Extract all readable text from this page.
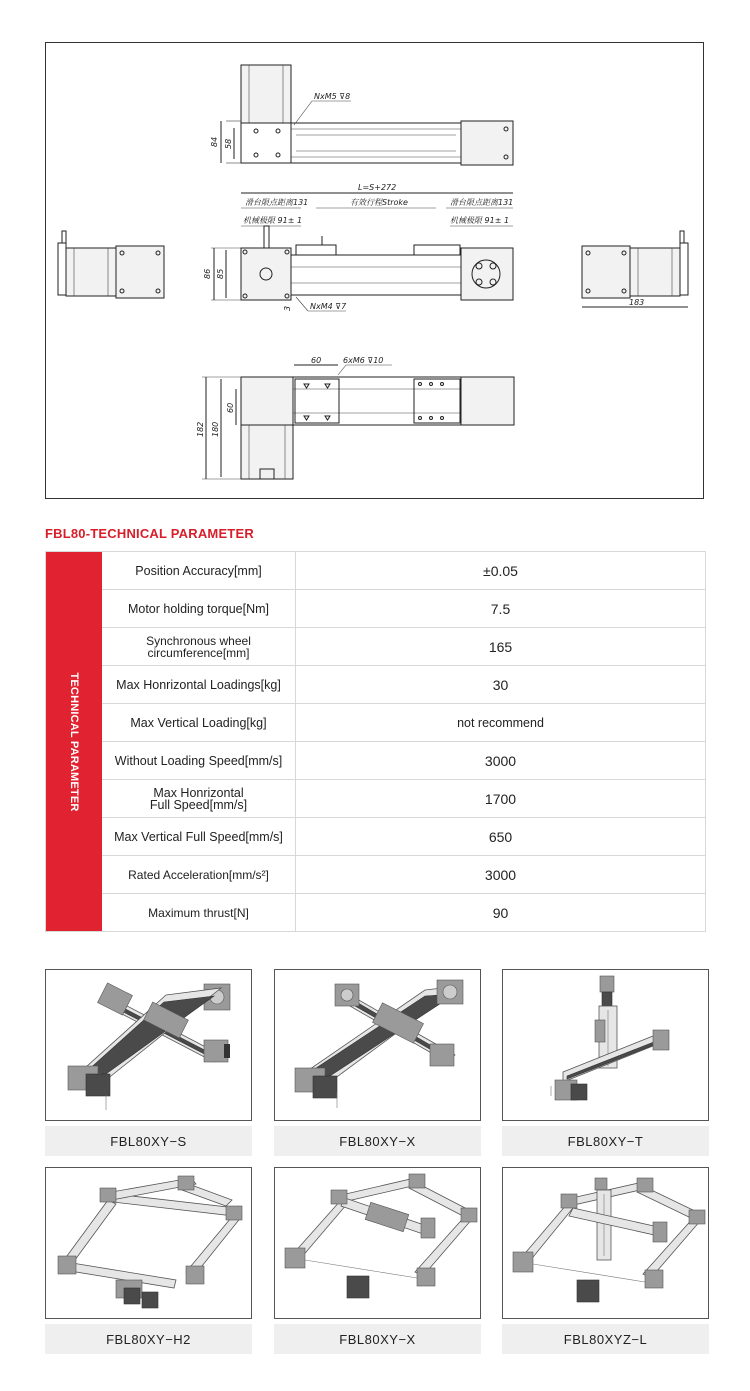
84 58
NxM5 ⊽8
L=S+272
滑台限点距离131	有效行程Stroke	滑台限点距离131
机械极限 91± 1	机械极限 91± 1
86 85
3 NxM4 ⊽7	183
60	6xM6 ⊽10
182 180
60
FBL80-TECHNICAL PARAMETER
TECHNICAL PARAMETER
Position Accuracy[mm]	±0.05
Motor holding torque[Nm]	7.5
Synchronous wheel circumference[mm]	165
Max Honrizontal Loadings[kg]	30
Max Vertical Loading[kg]	not recommend
Without Loading Speed[mm/s]	3000
Max Honrizontal Full Speed[mm/s]	1700
Max Vertical Full Speed[mm/s]	650
Rated Acceleration[mm/s²]	3000
Maximum thrust[N]	90
FBL80XY−S	FBL80XY−X	FBL80XY−T
FBL80XY−H2	FBL80XY−X	FBL80XYZ−L
